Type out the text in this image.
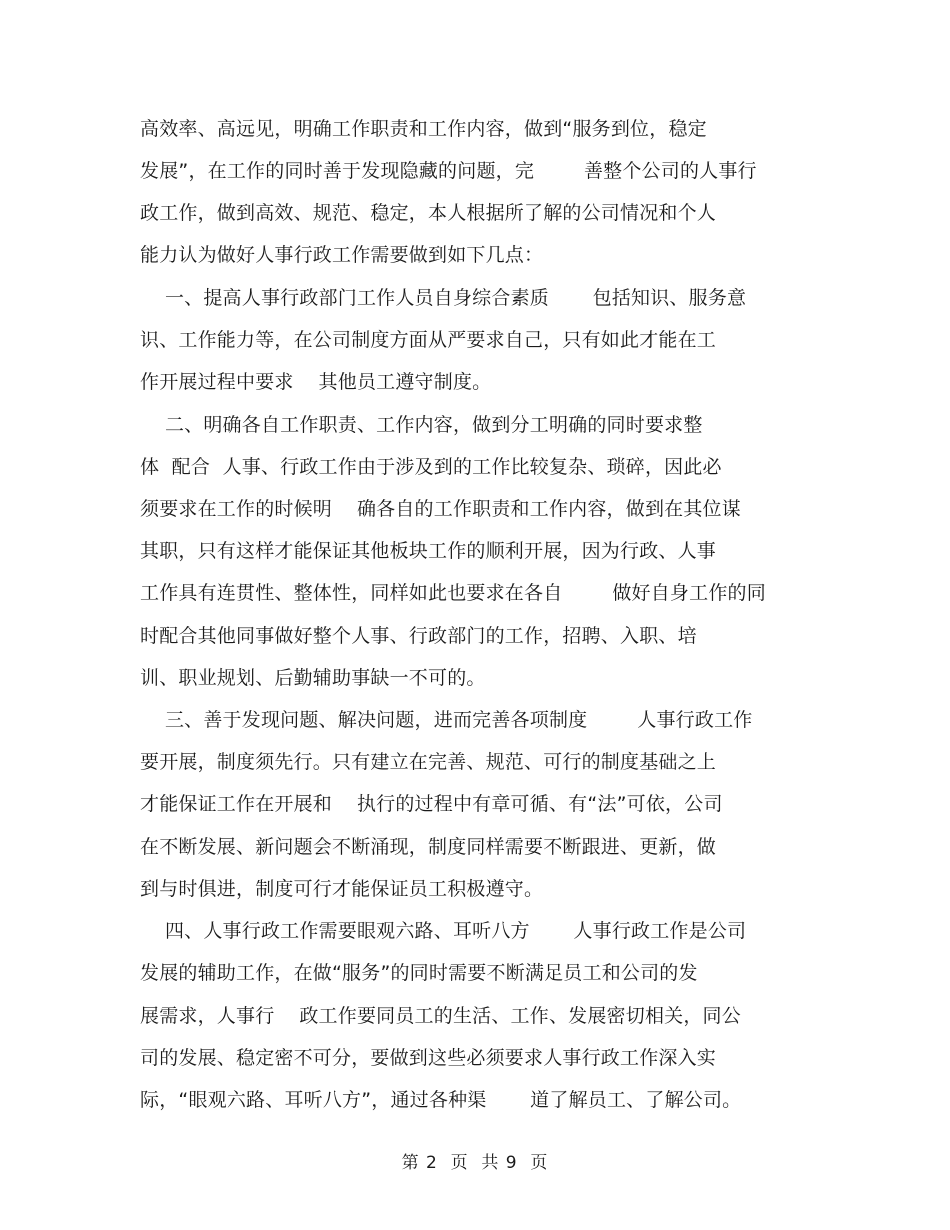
高效率、高远见，明确工作职责和工作内容，做到“服务到位，稳定
发展”，在工作的同时善于发现隐藏的问题，完        善整个公司的人事行
政工作，做到高效、规范、稳定，本人根据所了解的公司情况和个人
能力认为做好人事行政工作需要做到如下几点：
一、提高人事行政部门工作人员自身综合素质       包括知识、服务意
识、工作能力等，在公司制度方面从严要求自己，只有如此才能在工
作开展过程中要求    其他员工遵守制度。
二、明确各自工作职责、工作内容，做到分工明确的同时要求整
体  配合  人事、行政工作由于涉及到的工作比较复杂、琐碎，因此必
须要求在工作的时候明    确各自的工作职责和工作内容，做到在其位谋
其职，只有这样才能保证其他板块工作的顺利开展，因为行政、人事
工作具有连贯性、整体性，同样如此也要求在各自        做好自身工作的同
时配合其他同事做好整个人事、行政部门的工作，招聘、入职、培
训、职业规划、后勤辅助事缺一不可的。
三、善于发现问题、解决问题，进而完善各项制度        人事行政工作
要开展，制度须先行。只有建立在完善、规范、可行的制度基础之上
才能保证工作在开展和    执行的过程中有章可循、有“法”可依，公司
在不断发展、新问题会不断涌现，制度同样需要不断跟进、更新，做
到与时俱进，制度可行才能保证员工积极遵守。
四、人事行政工作需要眼观六路、耳听八方       人事行政工作是公司
发展的辅助工作，在做“服务”的同时需要不断满足员工和公司的发
展需求，人事行    政工作要同员工的生活、工作、发展密切相关，同公
司的发展、稳定密不可分，要做到这些必须要求人事行政工作深入实
际，“眼观六路、耳听八方”，通过各种渠       道了解员工、了解公司。
第 2  页  共 9  页
